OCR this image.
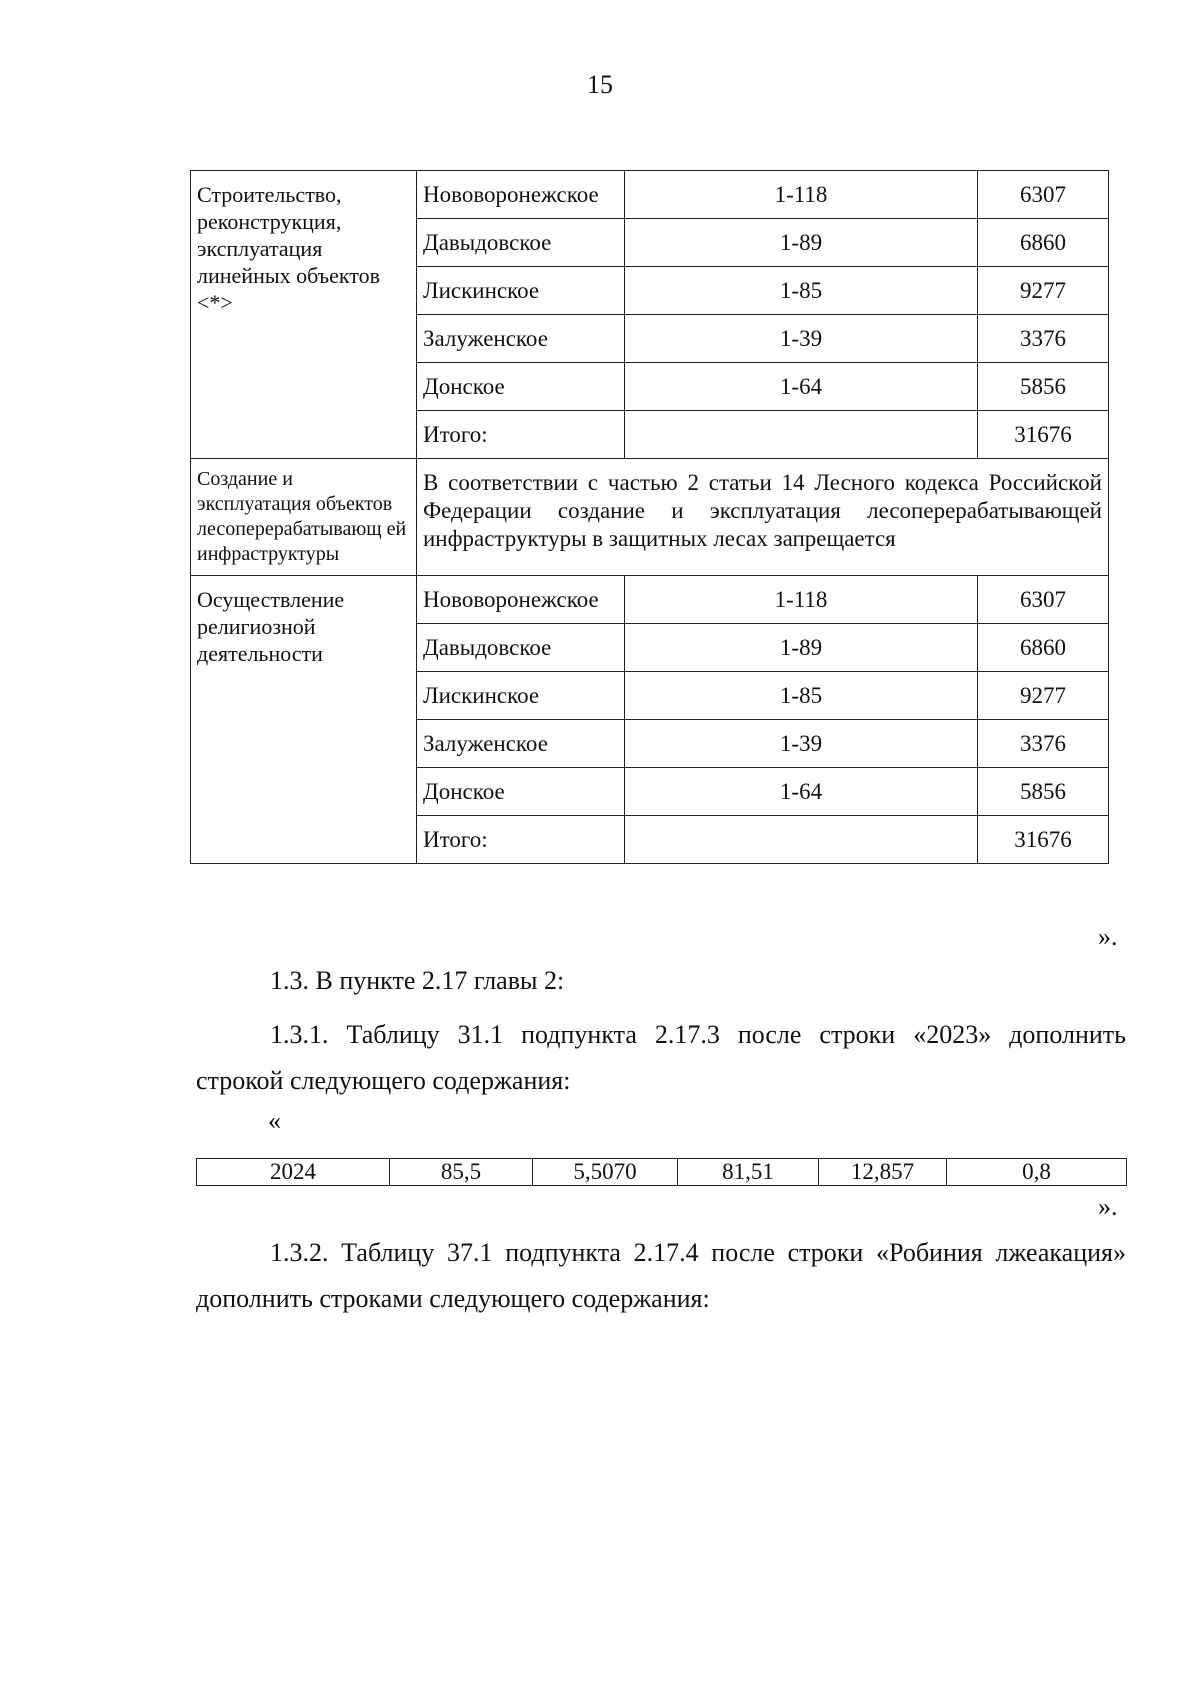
15
Строительство, реконструкция, эксплуатация линейных объектов <*>	Нововоронежское	1-118	6307
	Давыдовское	1-89	6860
	Лискинское	1-85	9277
	Залуженское	1-39	3376
	Донское	1-64	5856
	Итого:		31676
Создание и эксплуатация объектов лесоперерабатывающ ей инфраструктуры	В соответствии с частью 2 статьи 14 Лесного кодекса Российской Федерации создание и эксплуатация лесоперерабатывающей инфраструктуры в защитных лесах запрещается		
Осуществление религиозной деятельности	Нововоронежское	1-118	6307
	Давыдовское	1-89	6860
	Лискинское	1-85	9277
	Залуженское	1-39	3376
	Донское	1-64	5856
	Итого:		31676
».
1.3. В пункте 2.17 главы 2:
1.3.1. Таблицу 31.1 подпункта 2.17.3 после строки «2023» дополнить строкой следующего содержания:
«
2024	85,5	5,5070	81,51	12,857	0,8
».
1.3.2. Таблицу 37.1 подпункта 2.17.4 после строки «Робиния лжеакация» дополнить строками следующего содержания:
